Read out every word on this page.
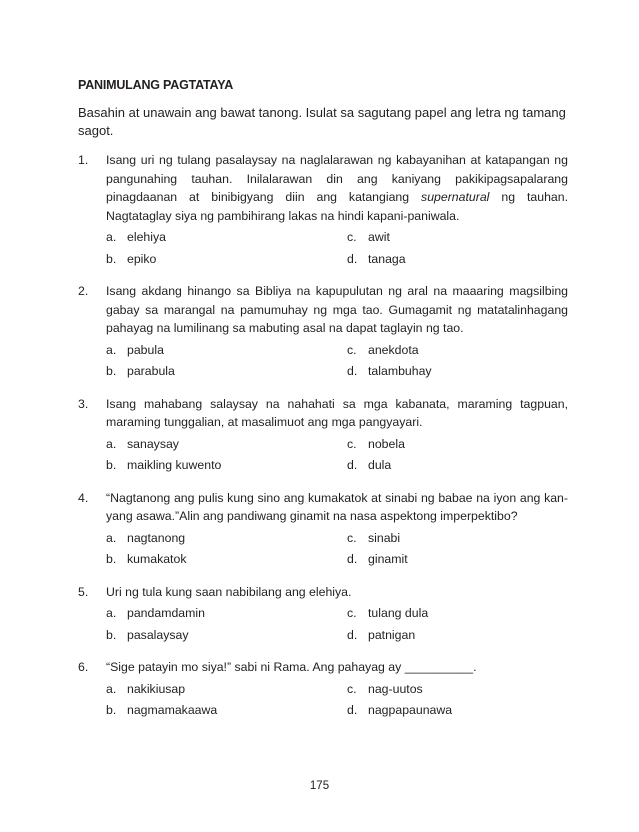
PANIMULANG PAGTATAYA
Basahin at unawain ang bawat tanong. Isulat sa sagutang papel ang letra ng tamang sagot.
1.	Isang uri ng tulang pasalaysay na naglalarawan ng kabayanihan at katapangan ng pangunahing tauhan. Inilalarawan din ang kaniyang pakikipagsapalarang pinagdaanan at binibigyang diin ang katangiang supernatural ng tauhan. Nagtataglay siya ng pambihirang lakas na hindi kapani-paniwala.
a. elehiya	c. awit
b. epiko	d. tanaga
2.	Isang akdang hinango sa Bibliya na kapupulutan ng aral na maaaring magsilbing gabay sa marangal na pamumuhay ng mga tao. Gumagamit ng matatalinhagang pahayag na lumilinang sa mabuting asal na dapat taglayin ng tao.
a. pabula	c. anekdota
b. parabula	d. talambuhay
3.	Isang mahabang salaysay na nahahati sa mga kabanata, maraming tagpuan, maraming tunggalian, at masalimuot ang mga pangyayari.
a. sanaysay	c. nobela
b. maikling kuwento	d. dula
4.	“Nagtanong ang pulis kung sino ang kumakatok at sinabi ng babae na iyon ang kan-yang asawa.”Alin ang pandiwang ginamit na nasa aspektong imperpektibo?
a. nagtanong	c. sinabi
b. kumakatok	d. ginamit
5.	Uri ng tula kung saan nabibilang ang elehiya.
a. pandamdamin	c. tulang dula
b. pasalaysay	d. patnigan
6.	“Sige patayin mo siya!” sabi ni Rama. Ang pahayag ay __________.
a. nakikiusap	c. nag-uutos
b. nagmamakaawa	d. nagpapaunawa
175
